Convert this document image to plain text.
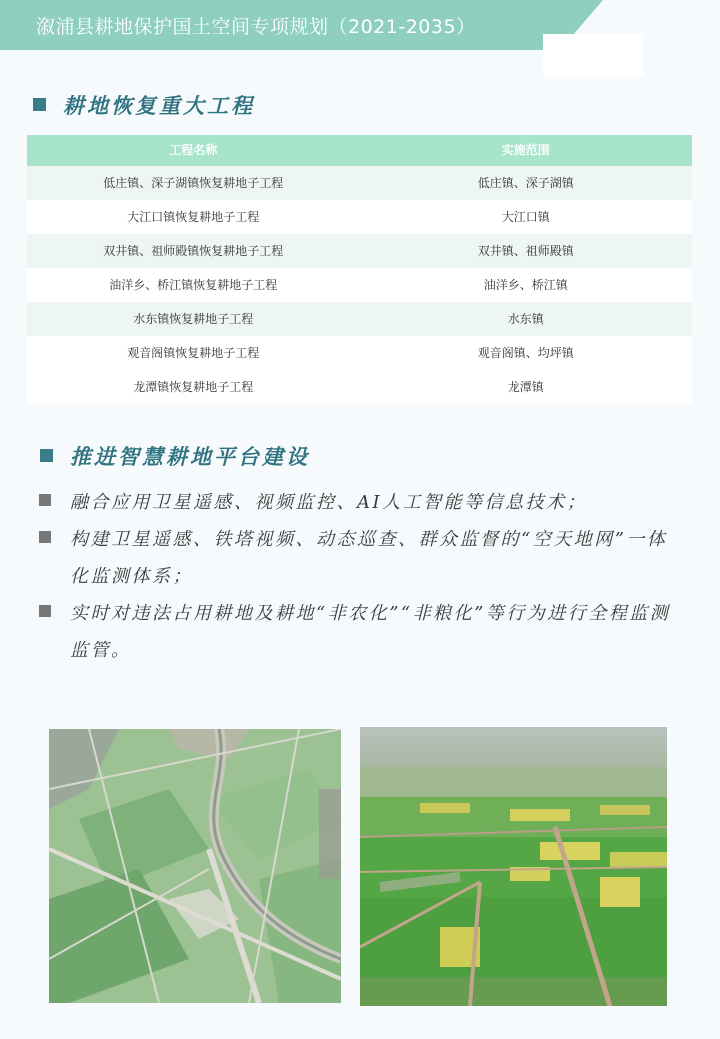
溆浦县耕地保护国土空间专项规划（2021-2035）
耕地恢复重大工程
工程名称	实施范围
低庄镇、深子湖镇恢复耕地子工程	低庄镇、深子湖镇
大江口镇恢复耕地子工程	大江口镇
双井镇、祖师殿镇恢复耕地子工程	双井镇、祖师殿镇
油洋乡、桥江镇恢复耕地子工程	油洋乡、桥江镇
水东镇恢复耕地子工程	水东镇
观音阁镇恢复耕地子工程	观音阁镇、均坪镇
龙潭镇恢复耕地子工程	龙潭镇
推进智慧耕地平台建设
融合应用卫星遥感、视频监控、AI人工智能等信息技术；
构建卫星遥感、铁塔视频、动态巡查、群众监督的“空天地网”一体化监测体系；
实时对违法占用耕地及耕地“非农化”“非粮化”等行为进行全程监测监管。
